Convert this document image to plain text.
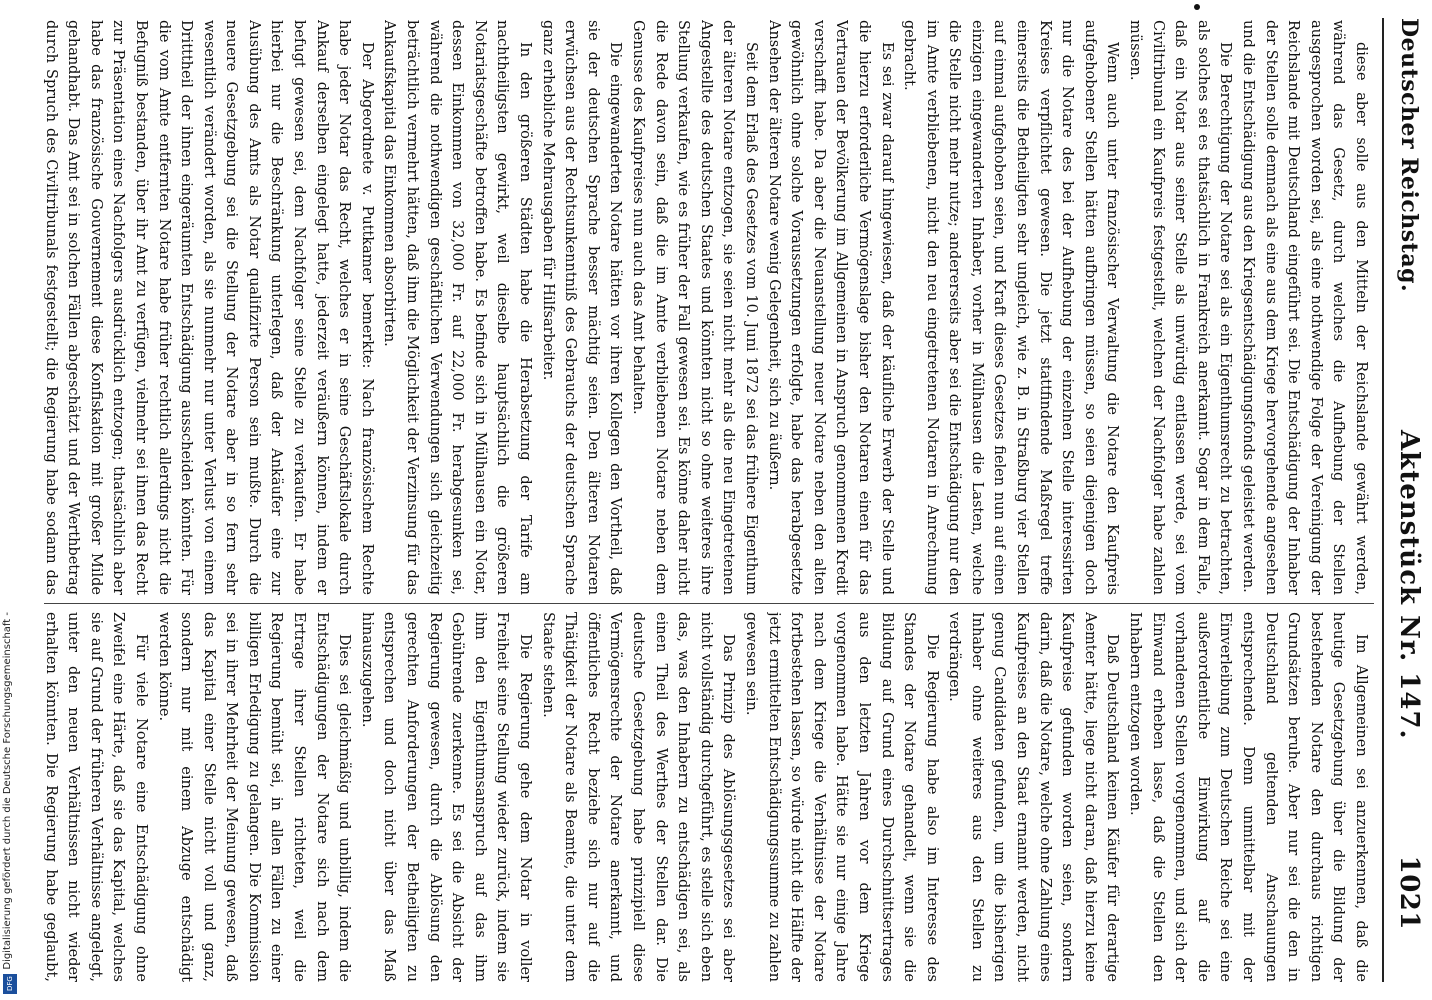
Deutscher Reichstag.
Aktenstück Nr. 147.
1021

diese aber solle aus den Mitteln der Reichslande gewährt werden, während das Gesetz, durch welches die Aufhebung der Stellen ausgesprochen worden sei, als eine nothwendige Folge der Vereinigung der Reichslande mit Deutschland eingeführt sei. Die Entschädigung der Inhaber der Stellen solle demnach als eine aus dem Kriege hervorgehende angesehen und die Entschädigung aus den Kriegsentschädigungsfonds geleistet werden.

Die Berechtigung der Notare sei als ein Eigenthumsrecht zu betrachten, als solches sei es thatsächlich in Frankreich anerkannt. Sogar in dem Falle, daß ein Notar aus seiner Stelle als unwürdig entlassen werde, sei vom Civiltribunal ein Kaufpreis festgestellt, welchen der Nachfolger habe zahlen müssen.

Wenn auch unter französischer Verwaltung die Notare den Kaufpreis aufgehobener Stellen hätten aufbringen müssen, so seien diejenigen doch nur die Notare des bei der Aufhebung der einzelnen Stelle interessirten Kreises verpflichtet gewesen. Die jetzt stattfindende Maßregel treffe einerseits die Betheiligten sehr ungleich, wie z. B. in Straßburg vier Stellen auf einmal aufgehoben seien, und Kraft dieses Gesetzes fielen nun auf einen einzigen eingewanderten Inhaber, vorher in Mülhausen die Lasten, welche die Stelle nicht mehr nutze; andererseits aber sei die Entschädigung nur den im Amte verbliebenen, nicht den neu eingetretenen Notaren in Anrechnung gebracht.

Es sei zwar darauf hingewiesen, daß der käufliche Erwerb der Stelle und die hierzu erforderliche Vermögenslage bisher den Notaren einen für das Vertrauen der Bevölkerung im Allgemeinen in Anspruch genommenen Kredit verschafft habe. Da aber die Neuanstellung neuer Notare neben den alten gewöhnlich ohne solche Voraussetzungen erfolgte, habe das herabgesetzte Ansehen der älteren Notare wenig Gelegenheit, sich zu äußern.

Seit dem Erlaß des Gesetzes vom 10. Juni 1872 sei das frühere Eigenthum der älteren Notare entzogen, sie seien nicht mehr als die neu Eingetretenen Angestellte des deutschen Staates und könnten nicht so ohne weiteres ihre Stellung verkaufen, wie es früher der Fall gewesen sei. Es könne daher nicht die Rede davon sein, daß die im Amte verbliebenen Notare neben dem Genusse des Kaufpreises nun auch das Amt behalten.

Die eingewanderten Notare hätten vor ihren Kollegen den Vortheil, daß sie der deutschen Sprache besser mächtig seien. Den älteren Notaren erwüchsen aus der Rechtsunkenntniß des Gebrauchs der deutschen Sprache ganz erhebliche Mehrausgaben für Hilfsarbeiter.

In den größeren Städten habe die Herabsetzung der Tarife am nachtheiligsten gewirkt, weil dieselbe hauptsächlich die größeren Notariatsgeschäfte betroffen habe. Es befinde sich in Mülhausen ein Notar, dessen Einkommen von 32,000 Fr. auf 22,000 Fr. herabgesunken sei, während die nothwendigen geschäftlichen Verwendungen sich gleichzeitig beträchtlich vermehrt hätten, daß ihm die Möglichkeit der Verzinsung für das Ankaufskapital das Einkommen absorbirten.

Der Abgeordnete v. Puttkamer bemerkte: Nach französischem Rechte habe jeder Notar das Recht, welches er in seine Geschäftslokale durch Ankauf derselben eingelegt hatte, jederzeit veräußern können, indem er befugt gewesen sei, dem Nachfolger seine Stelle zu verkaufen. Er habe hierbei nur die Beschränkung unterlegen, daß der Ankäufer eine zur Ausübung des Amts als Notar qualifizirte Person sein mußte. Durch die neuere Gesetzgebung sei die Stellung der Notare aber in so fern sehr wesentlich verändert worden, als sie nunmehr nur unter Verlust von einem Dritttheil der ihnen eingeräumten Entschädigung ausscheiden könnten. Für die vom Amte entfernten Notare habe früher rechtlich allerdings nicht die Befugniß bestanden, über ihr Amt zu verfügen, vielmehr sei ihnen das Recht zur Präsentation eines Nachfolgers ausdrücklich entzogen; thatsächlich aber habe das französische Gouvernement diese Konfiskation mit großer Milde gehandhabt. Das Amt sei in solchen Fällen abgeschätzt und der Werthbetrag durch Spruch des Civiltribunals festgestellt; die Regierung habe sodann das

Im Allgemeinen sei anzuerkennen, daß die heutige Gesetzgebung über die Bildung der bestehenden Notare den durchaus richtigen Grundsätzen beruhe. Aber nur sei die den in Deutschland geltenden Anschauungen entsprechende. Denn unmittelbar mit der Einverleibung zum Deutschen Reiche sei eine außerordentliche Einwirkung auf die vorhandenen Stellen vorgenommen, und sich der Einwand erheben lasse, daß die Stellen den Inhabern entzogen worden.

Daß Deutschland keinen Käufer für derartige Aemter hätte, liege nicht daran, daß hierzu keine Kaufpreise gefunden worden seien, sondern darin, daß die Notare, welche ohne Zahlung eines Kaufpreises an den Staat ernannt werden, nicht genug Candidaten gefunden, um die bisherigen Inhaber ohne weiteres aus den Stellen zu verdrängen.

Die Regierung habe also im Interesse des Standes der Notare gehandelt, wenn sie die Bildung auf Grund eines Durchschnittsertrages aus den letzten Jahren vor dem Kriege vorgenommen habe. Hätte sie nur einige Jahre nach dem Kriege die Verhältnisse der Notare fortbestehen lassen, so würde nicht die Hälfte der jetzt ermittelten Entschädigungssumme zu zahlen gewesen sein.

Das Prinzip des Ablösungsgesetzes sei aber nicht vollständig durchgeführt, es stelle sich eben das, was den Inhabern zu entschädigen sei, als einen Theil des Werthes der Stellen dar. Die deutsche Gesetzgebung habe prinzipiell diese Vermögensrechte der Notare anerkannt, und öffentliches Recht beziehe sich nur auf die Thätigkeit der Notare als Beamte, die unter dem Staate stehen.

Die Regierung gehe dem Notar in voller Freiheit seine Stellung wieder zurück, indem sie ihm den Eigenthumsanspruch auf das ihm Gebührende zuerkenne. Es sei die Absicht der Regierung gewesen, durch die Ablösung den gerechten Anforderungen der Betheiligten zu entsprechen und doch nicht über das Maß hinauszugehen.

Dies sei gleichmäßig und unbillig, indem die Entschädigungen der Notare sich nach dem Ertrage ihrer Stellen richteten, weil die Regierung bemüht sei, in allen Fällen zu einer billigen Erledigung zu gelangen. Die Kommission sei in ihrer Mehrheit der Meinung gewesen, daß das Kapital einer Stelle nicht voll und ganz, sondern nur mit einem Abzuge entschädigt werden könne.

Für viele Notare eine Entschädigung ohne Zweifel eine Härte, daß sie das Kapital, welches sie auf Grund der früheren Verhältnisse angelegt, unter den neuen Verhältnissen nicht wieder erhalten könnten. Die Regierung habe geglaubt,

Digitalisierung gefördert durch die Deutsche Forschungsgemeinschaft -
DFG
